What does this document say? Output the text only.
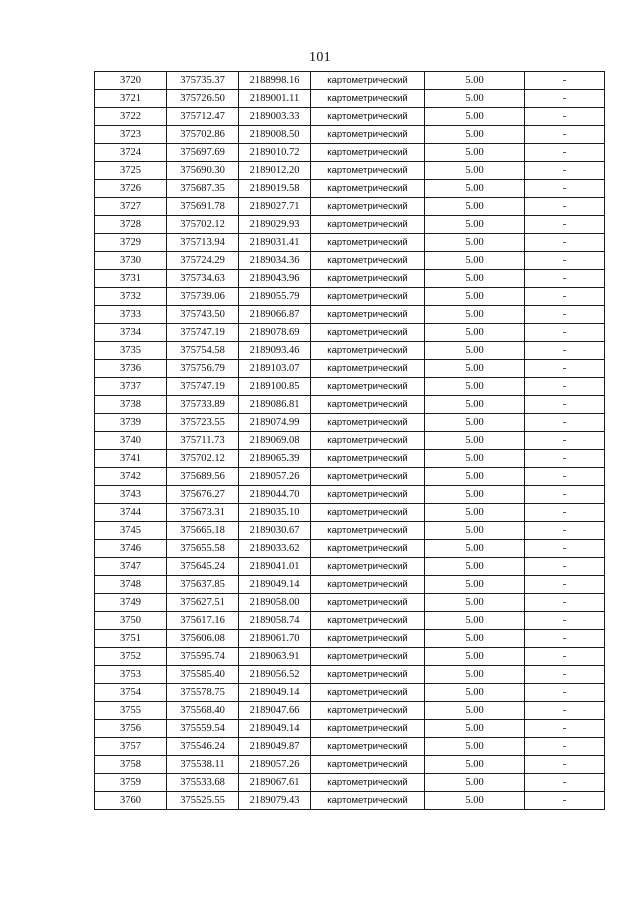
101
3720	375735.37	2188998.16	картометрический	5.00	-
3721	375726.50	2189001.11	картометрический	5.00	-
3722	375712.47	2189003.33	картометрический	5.00	-
3723	375702.86	2189008.50	картометрический	5.00	-
3724	375697.69	2189010.72	картометрический	5.00	-
3725	375690.30	2189012.20	картометрический	5.00	-
3726	375687.35	2189019.58	картометрический	5.00	-
3727	375691.78	2189027.71	картометрический	5.00	-
3728	375702.12	2189029.93	картометрический	5.00	-
3729	375713.94	2189031.41	картометрический	5.00	-
3730	375724.29	2189034.36	картометрический	5.00	-
3731	375734.63	2189043.96	картометрический	5.00	-
3732	375739.06	2189055.79	картометрический	5.00	-
3733	375743.50	2189066.87	картометрический	5.00	-
3734	375747.19	2189078.69	картометрический	5.00	-
3735	375754.58	2189093.46	картометрический	5.00	-
3736	375756.79	2189103.07	картометрический	5.00	-
3737	375747.19	2189100.85	картометрический	5.00	-
3738	375733.89	2189086.81	картометрический	5.00	-
3739	375723.55	2189074.99	картометрический	5.00	-
3740	375711.73	2189069.08	картометрический	5.00	-
3741	375702.12	2189065.39	картометрический	5.00	-
3742	375689.56	2189057.26	картометрический	5.00	-
3743	375676.27	2189044.70	картометрический	5.00	-
3744	375673.31	2189035.10	картометрический	5.00	-
3745	375665.18	2189030.67	картометрический	5.00	-
3746	375655.58	2189033.62	картометрический	5.00	-
3747	375645.24	2189041.01	картометрический	5.00	-
3748	375637.85	2189049.14	картометрический	5.00	-
3749	375627.51	2189058.00	картометрический	5.00	-
3750	375617.16	2189058.74	картометрический	5.00	-
3751	375606.08	2189061.70	картометрический	5.00	-
3752	375595.74	2189063.91	картометрический	5.00	-
3753	375585.40	2189056.52	картометрический	5.00	-
3754	375578.75	2189049.14	картометрический	5.00	-
3755	375568.40	2189047.66	картометрический	5.00	-
3756	375559.54	2189049.14	картометрический	5.00	-
3757	375546.24	2189049.87	картометрический	5.00	-
3758	375538.11	2189057.26	картометрический	5.00	-
3759	375533.68	2189067.61	картометрический	5.00	-
3760	375525.55	2189079.43	картометрический	5.00	-
